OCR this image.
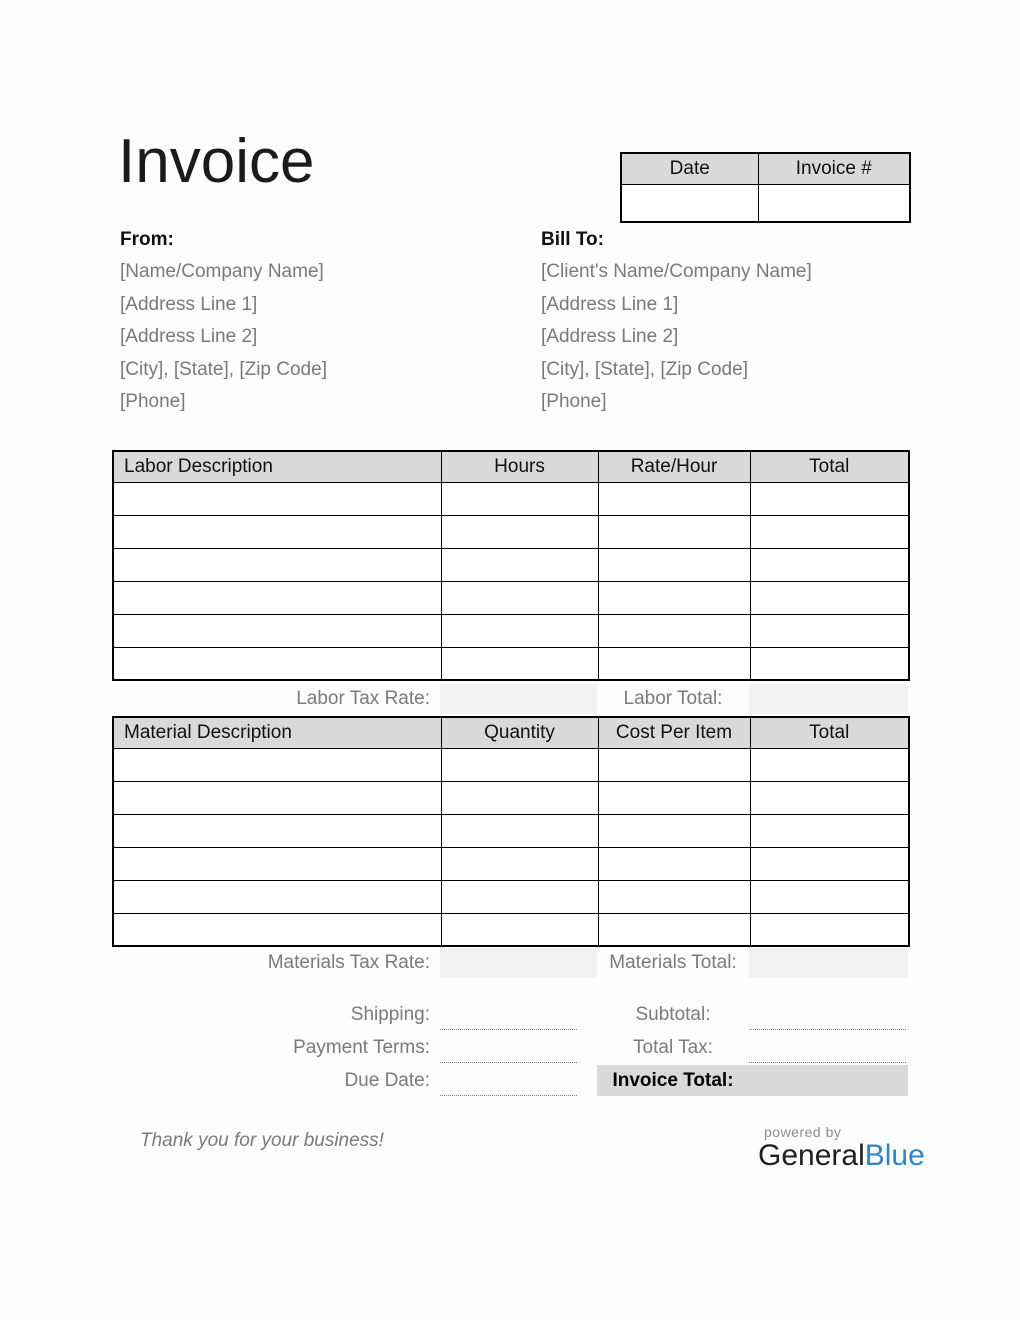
Invoice	Date	Invoice #

From:
[Name/Company Name]
[Address Line 1]
[Address Line 2]
[City], [State], [Zip Code]
[Phone]
Bill To:
[Client's Name/Company Name]
[Address Line 1]
[Address Line 2]
[City], [State], [Zip Code]
[Phone]
Labor Description	Hours	Rate/Hour	Total

Labor Tax Rate:	Labor Total:
Material Description	Quantity	Cost Per Item	Total

Materials Tax Rate:	Materials Total:
Shipping:	Subtotal:
Payment Terms:	Total Tax:
Due Date:	Invoice Total:
Thank you for your business!	powered by
GeneralBlue
